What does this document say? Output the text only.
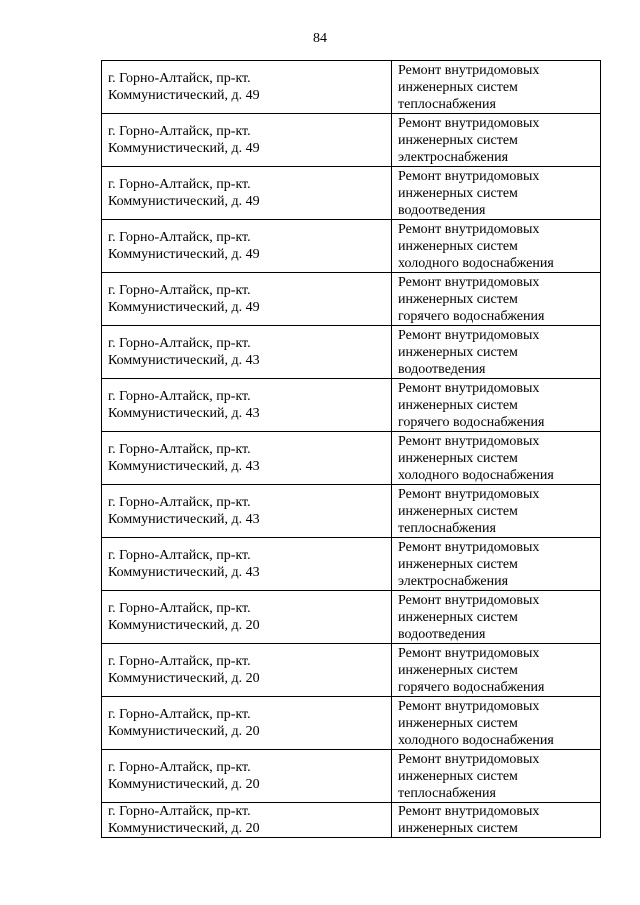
84
г. Горно-Алтайск, пр-кт.
Коммунистический, д. 49	Ремонт внутридомовых
инженерных систем
теплоснабжения

г. Горно-Алтайск, пр-кт.
Коммунистический, д. 49	Ремонт внутридомовых
инженерных систем
электроснабжения

г. Горно-Алтайск, пр-кт.
Коммунистический, д. 49	Ремонт внутридомовых
инженерных систем
водоотведения

г. Горно-Алтайск, пр-кт.
Коммунистический, д. 49	Ремонт внутридомовых
инженерных систем
холодного водоснабжения

г. Горно-Алтайск, пр-кт.
Коммунистический, д. 49	Ремонт внутридомовых
инженерных систем
горячего водоснабжения

г. Горно-Алтайск, пр-кт.
Коммунистический, д. 43	Ремонт внутридомовых
инженерных систем
водоотведения

г. Горно-Алтайск, пр-кт.
Коммунистический, д. 43	Ремонт внутридомовых
инженерных систем
горячего водоснабжения

г. Горно-Алтайск, пр-кт.
Коммунистический, д. 43	Ремонт внутридомовых
инженерных систем
холодного водоснабжения

г. Горно-Алтайск, пр-кт.
Коммунистический, д. 43	Ремонт внутридомовых
инженерных систем
теплоснабжения

г. Горно-Алтайск, пр-кт.
Коммунистический, д. 43	Ремонт внутридомовых
инженерных систем
электроснабжения

г. Горно-Алтайск, пр-кт.
Коммунистический, д. 20	Ремонт внутридомовых
инженерных систем
водоотведения

г. Горно-Алтайск, пр-кт.
Коммунистический, д. 20	Ремонт внутридомовых
инженерных систем
горячего водоснабжения

г. Горно-Алтайск, пр-кт.
Коммунистический, д. 20	Ремонт внутридомовых
инженерных систем
холодного водоснабжения

г. Горно-Алтайск, пр-кт.
Коммунистический, д. 20	Ремонт внутридомовых
инженерных систем
теплоснабжения

г. Горно-Алтайск, пр-кт.
Коммунистический, д. 20	Ремонт внутридомовых
инженерных систем
